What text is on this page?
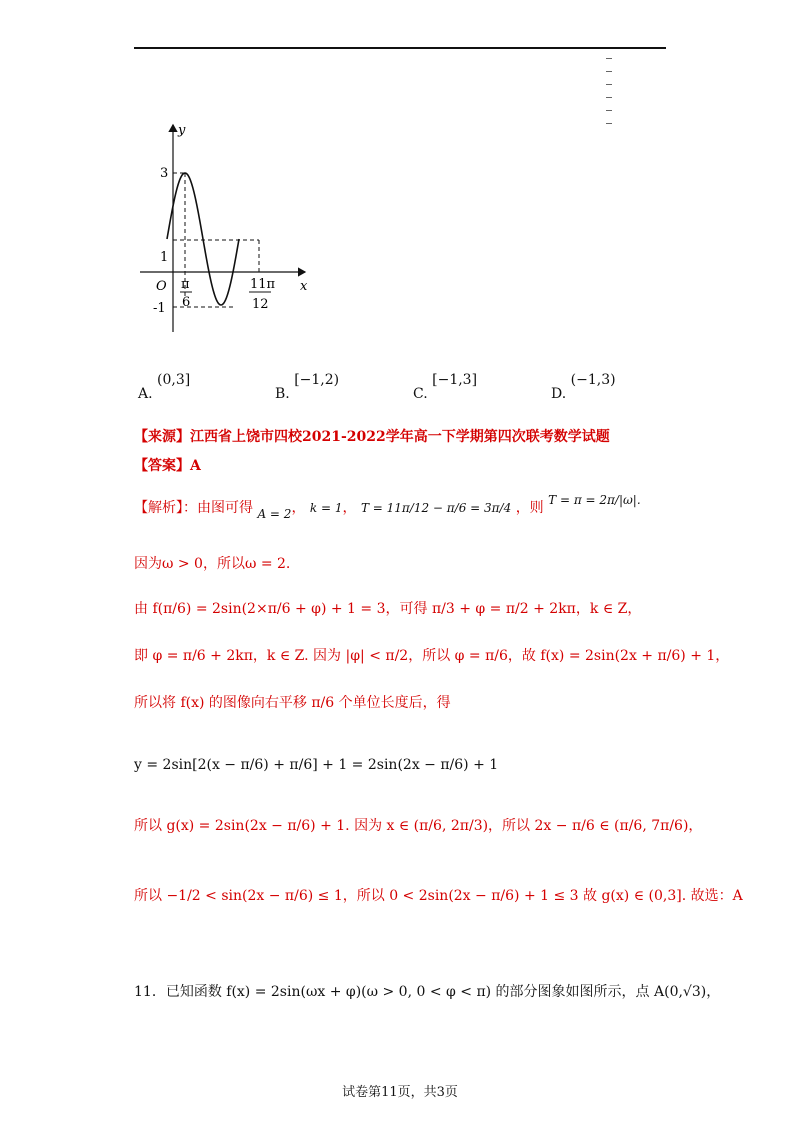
y
x
O
3
1
-1
π
6
11π
12
A. (0,3]
B. [−1,2)
C. [−1,3]
D. (−1,3)
【来源】江西省上饶市四校2021-2022学年高一下学期第四次联考数学试题
【答案】A
【解析】：由图可得 A = 2， k = 1， T = 11π/12 − π/6 = 3π/4 ，则 T = π = 2π/|ω|.
因为ω > 0，所以ω = 2.
由 f(π/6) = 2sin(2×π/6 + φ) + 1 = 3，可得 π/3 + φ = π/2 + 2kπ，k ∈ Z，
即 φ = π/6 + 2kπ，k ∈ Z. 因为 |φ| < π/2，所以 φ = π/6，故 f(x) = 2sin(2x + π/6) + 1，
所以将 f(x) 的图像向右平移 π/6 个单位长度后，得
y = 2sin[2(x − π/6) + π/6] + 1 = 2sin(2x − π/6) + 1
所以 g(x) = 2sin(2x − π/6) + 1. 因为 x ∈ (π/6, 2π/3)，所以 2x − π/6 ∈ (π/6, 7π/6)，
所以 −1/2 < sin(2x − π/6) ≤ 1，所以 0 < 2sin(2x − π/6) + 1 ≤ 3 故 g(x) ∈ (0,3]. 故选：A
11．已知函数 f(x) = 2sin(ωx + φ)(ω > 0, 0 < φ < π) 的部分图象如图所示，点 A(0,√3)，
试卷第11页，共3页
